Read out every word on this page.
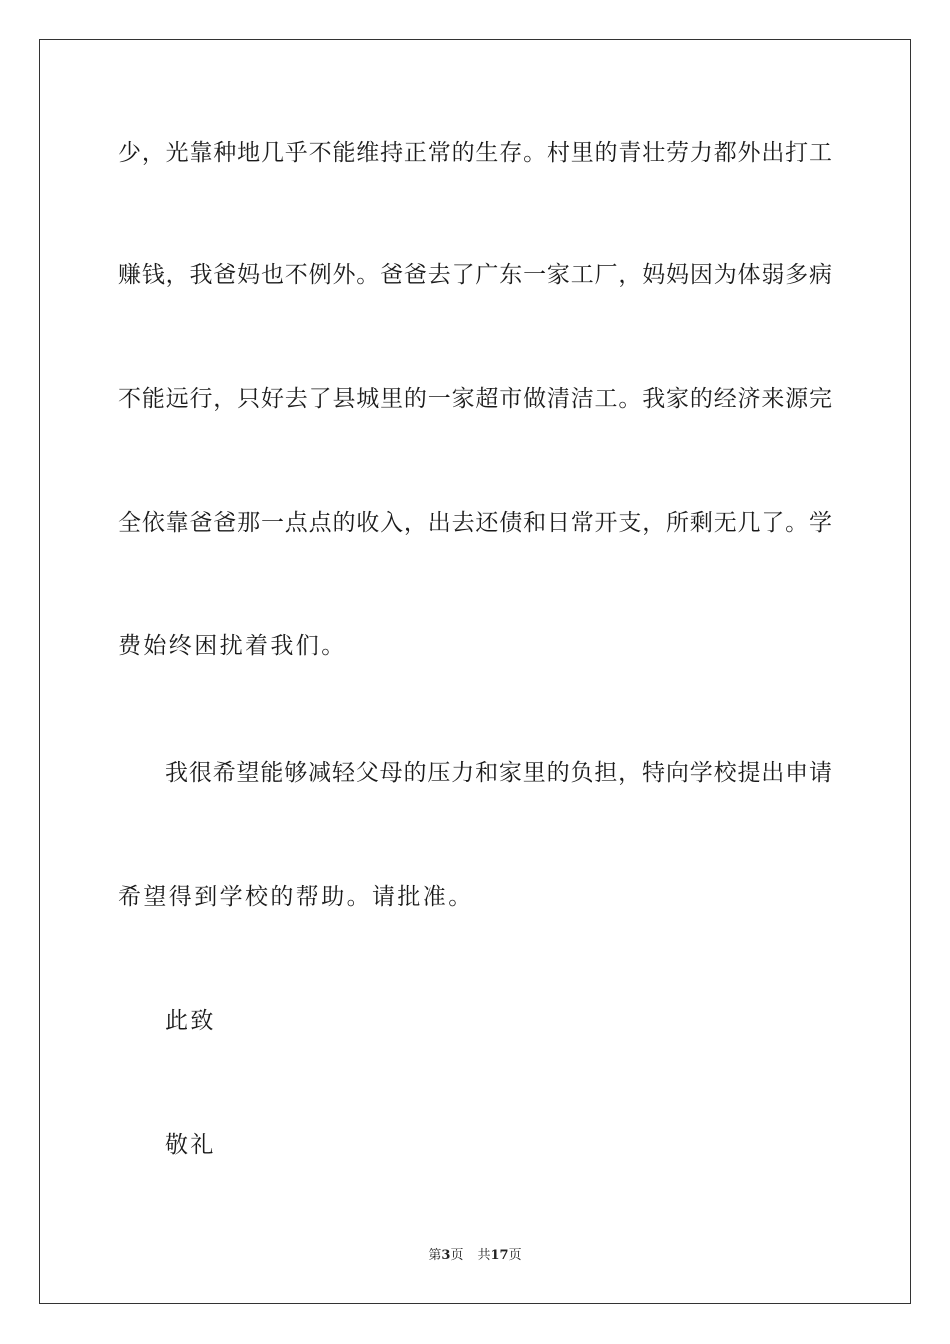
少，光靠种地几乎不能维持正常的生存。村里的青壮劳力都外出打工
赚钱，我爸妈也不例外。爸爸去了广东一家工厂，妈妈因为体弱多病
不能远行，只好去了县城里的一家超市做清洁工。我家的经济来源完
全依靠爸爸那一点点的收入，出去还债和日常开支，所剩无几了。学
费始终困扰着我们。
我很希望能够减轻父母的压力和家里的负担，特向学校提出申请
希望得到学校的帮助。请批准。
此致
敬礼
第3页 共17页
